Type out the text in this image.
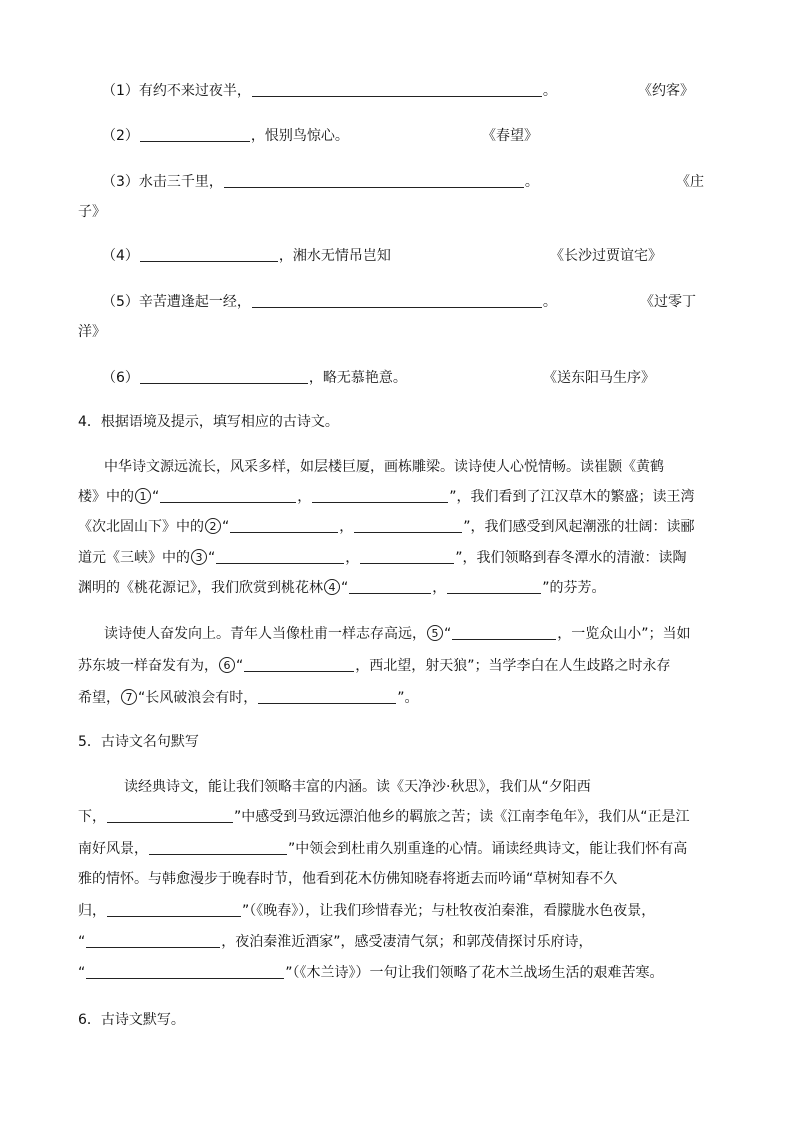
（1）有约不来过夜半，	。	《约客》
（2）	，恨别鸟惊心。	《春望》
（3）水击三千里，	。	《庄
子》
（4）	，湘水无情吊岂知	《长沙过贾谊宅》
（5）辛苦遭逢起一经，	。	《过零丁
洋》
（6）	，略无慕艳意。	《送东阳马生序》
4．根据语境及提示，填写相应的古诗文。
中华诗文源远流长，风采多样，如层楼巨厦，画栋雕梁。读诗使人心悦情畅。读崔颢《黄鹤
楼》中的 1 “	，	”，我们看到了江汉草木的繁盛；读王湾
《次北固山下》中的 2 “	，	”，我们感受到风起潮涨的壮阔：读郦
道元《三峡》中的 3 “	，	”，我们领略到春冬潭水的清澈：读陶
渊明的《桃花源记》，我们欣赏到桃花林 4 “	，	”的芬芳。
读诗使人奋发向上。青年人当像杜甫一样志存高远， 5 “	，一览众山小”；当如
苏东坡一样奋发有为， 6 “	，西北望，射天狼”；当学李白在人生歧路之时永存
希望， 7 “长风破浪会有时，	”。
5．古诗文名句默写
读经典诗文，能让我们领略丰富的内涵。读《天净沙·秋思》，我们从“夕阳西
下，	”中感受到马致远漂泊他乡的羁旅之苦；读《江南李龟年》，我们从“正是江
南好风景，	”中领会到杜甫久别重逢的心情。诵读经典诗文，能让我们怀有高
雅的情怀。与韩愈漫步于晚春时节，他看到花木仿佛知晓春将逝去而吟诵“草树知春不久
归，	”（《晚春》），让我们珍惜春光；与杜牧夜泊秦淮，看朦胧水色夜景，
“	，夜泊秦淮近酒家”，感受凄清气氛；和郭茂倩探讨乐府诗，
“	”（《木兰诗》）一句让我们领略了花木兰战场生活的艰难苦寒。
6．古诗文默写。
